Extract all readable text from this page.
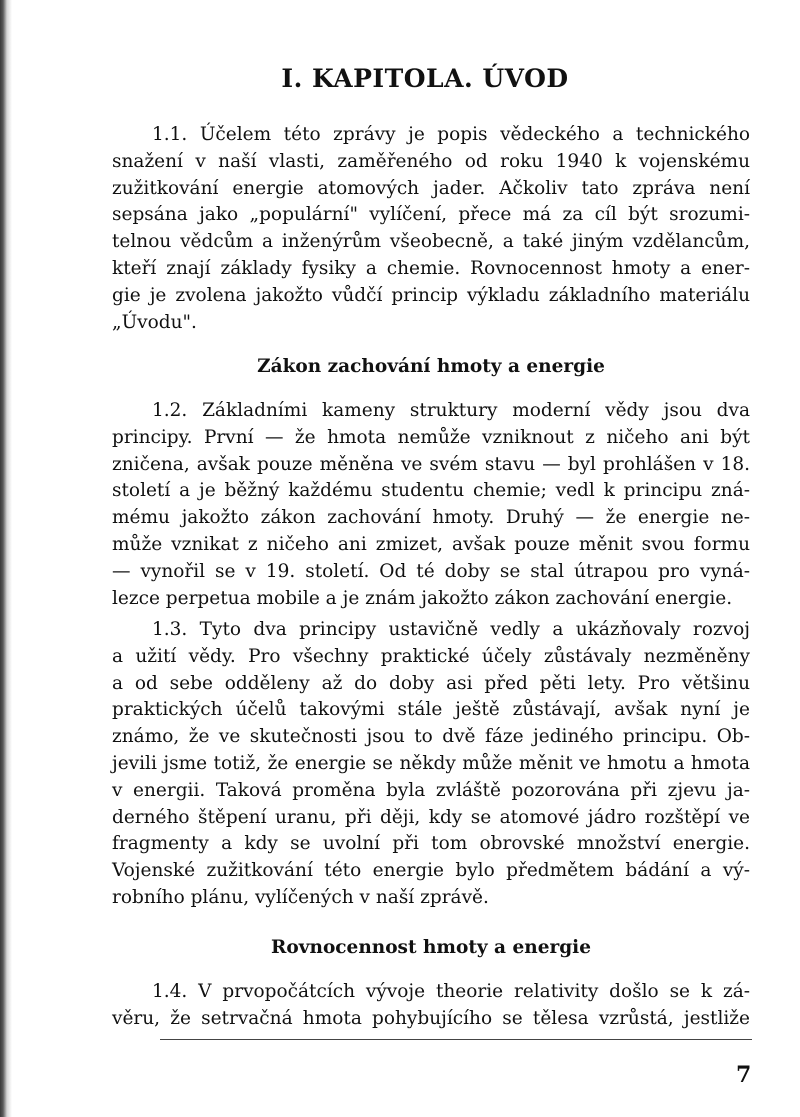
I. KAPITOLA. ÚVOD
1.1. Účelem této zprávy je popis vědeckého a technického
snažení v naší vlasti, zaměřeného od roku 1940 k vojenskému
zužitkování energie atomových jader. Ačkoliv tato zpráva není
sepsána jako „populární" vylíčení, přece má za cíl být srozumi-
telnou vědcům a inženýrům všeobecně, a také jiným vzdělancům,
kteří znají základy fysiky a chemie. Rovnocennost hmoty a ener-
gie je zvolena jakožto vůdčí princip výkladu základního materiálu
„Úvodu".
Zákon zachování hmoty a energie
1.2. Základními kameny struktury moderní vědy jsou dva
principy. První — že hmota nemůže vzniknout z ničeho ani být
zničena, avšak pouze měněna ve svém stavu — byl prohlášen v 18.
století a je běžný každému studentu chemie; vedl k principu zná-
mému jakožto zákon zachování hmoty. Druhý — že energie ne-
může vznikat z ničeho ani zmizet, avšak pouze měnit svou formu
— vynořil se v 19. století. Od té doby se stal útrapou pro vyná-
lezce perpetua mobile a je znám jakožto zákon zachování energie.
1.3. Tyto dva principy ustavičně vedly a ukázňovaly rozvoj
a užití vědy. Pro všechny praktické účely zůstávaly nezměněny
a od sebe odděleny až do doby asi před pěti lety. Pro většinu
praktických účelů takovými stále ještě zůstávají, avšak nyní je
známo, že ve skutečnosti jsou to dvě fáze jediného principu. Ob-
jevili jsme totiž, že energie se někdy může měnit ve hmotu a hmota
v energii. Taková proměna byla zvláště pozorována při zjevu ja-
derného štěpení uranu, při ději, kdy se atomové jádro rozštěpí ve
fragmenty a kdy se uvolní při tom obrovské množství energie.
Vojenské zužitkování této energie bylo předmětem bádání a vý-
robního plánu, vylíčených v naší zprávě.
Rovnocennost hmoty a energie
1.4. V prvopočátcích vývoje theorie relativity došlo se k zá-
věru, že setrvačná hmota pohybujícího se tělesa vzrůstá, jestliže

7
